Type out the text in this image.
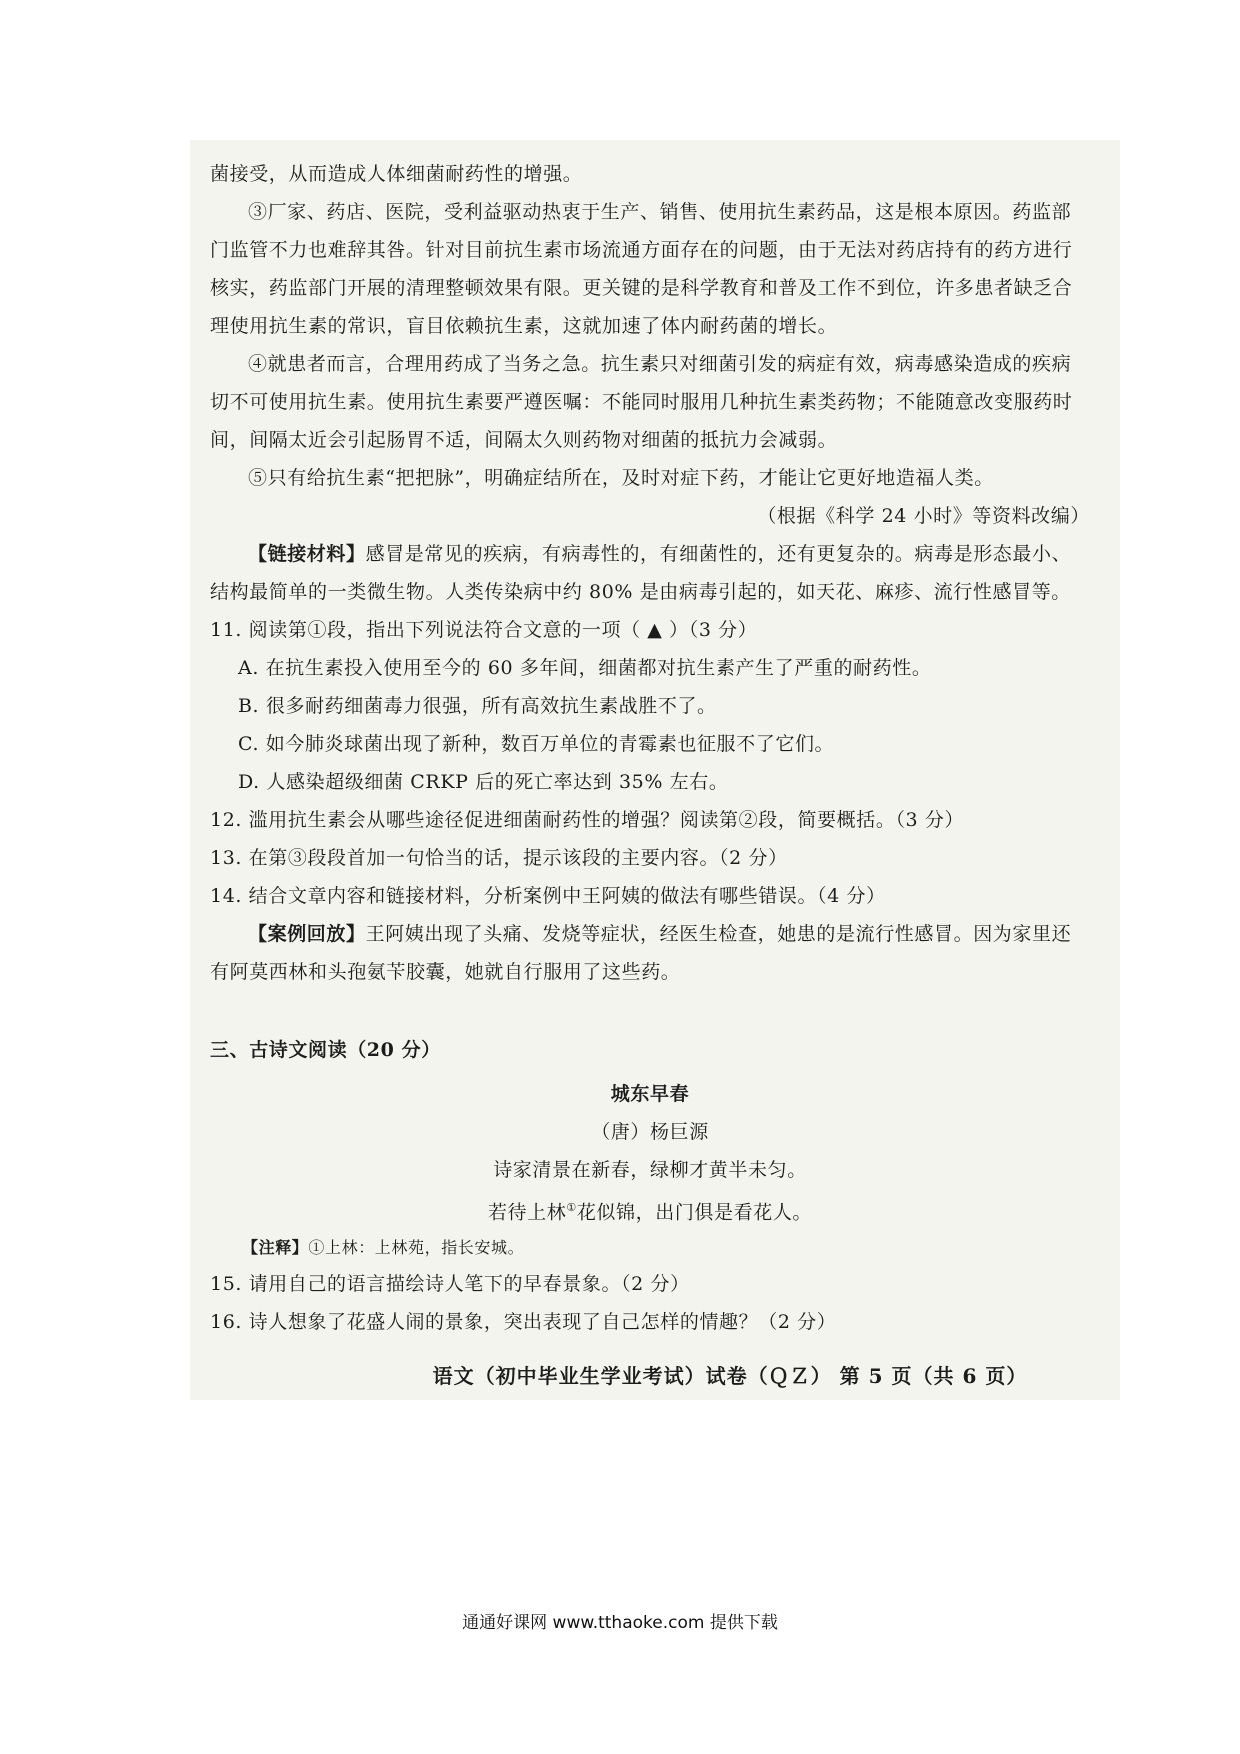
菌接受，从而造成人体细菌耐药性的增强。

③厂家、药店、医院，受利益驱动热衷于生产、销售、使用抗生素药品，这是根本原因。药监部门监管不力也难辞其咎。针对目前抗生素市场流通方面存在的问题，由于无法对药店持有的药方进行核实，药监部门开展的清理整顿效果有限。更关键的是科学教育和普及工作不到位，许多患者缺乏合理使用抗生素的常识，盲目依赖抗生素，这就加速了体内耐药菌的增长。

④就患者而言，合理用药成了当务之急。抗生素只对细菌引发的病症有效，病毒感染造成的疾病切不可使用抗生素。使用抗生素要严遵医嘱：不能同时服用几种抗生素类药物；不能随意改变服药时间，间隔太近会引起肠胃不适，间隔太久则药物对细菌的抵抗力会减弱。

⑤只有给抗生素“把把脉”，明确症结所在，及时对症下药，才能让它更好地造福人类。

（根据《科学 24 小时》等资料改编）

【链接材料】感冒是常见的疾病，有病毒性的，有细菌性的，还有更复杂的。病毒是形态最小、结构最简单的一类微生物。人类传染病中约 80% 是由病毒引起的，如天花、麻疹、流行性感冒等。

11. 阅读第①段，指出下列说法符合文意的一项（ ▲ ）（3 分）

A. 在抗生素投入使用至今的 60 多年间，细菌都对抗生素产生了严重的耐药性。

B. 很多耐药细菌毒力很强，所有高效抗生素战胜不了。

C. 如今肺炎球菌出现了新种，数百万单位的青霉素也征服不了它们。

D. 人感染超级细菌 CRKP 后的死亡率达到 35% 左右。

12. 滥用抗生素会从哪些途径促进细菌耐药性的增强？阅读第②段，简要概括。（3 分）

13. 在第③段段首加一句恰当的话，提示该段的主要内容。（2 分）

14. 结合文章内容和链接材料，分析案例中王阿姨的做法有哪些错误。（4 分）

【案例回放】王阿姨出现了头痛、发烧等症状，经医生检查，她患的是流行性感冒。因为家里还有阿莫西林和头孢氨苄胶囊，她就自行服用了这些药。

三、古诗文阅读（20 分）

城东早春

（唐）杨巨源

诗家清景在新春，绿柳才黄半未匀。

若待上林①花似锦，出门俱是看花人。

【注释】①上林：上林苑，指长安城。

15. 请用自己的语言描绘诗人笔下的早春景象。（2 分）

16. 诗人想象了花盛人闹的景象，突出表现了自己怎样的情趣？（2 分）

语文（初中毕业生学业考试）试卷（ＱＺ） 第 5 页（共 6 页）
通通好课网 www.tthaoke.com 提供下载
